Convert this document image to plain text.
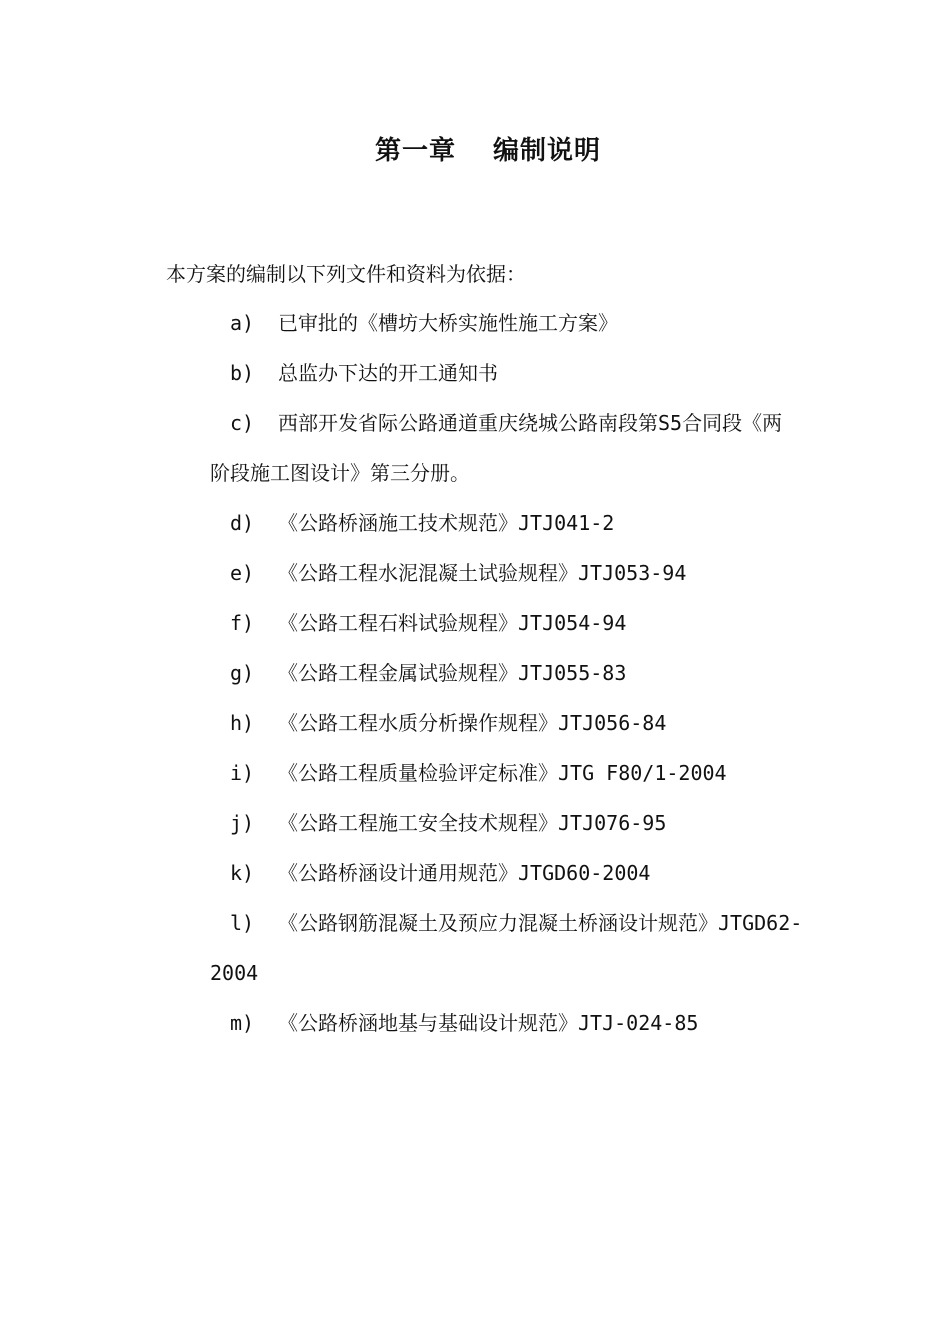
第一章　 编制说明
本方案的编制以下列文件和资料为依据：
a) 已审批的《槽坊大桥实施性施工方案》
b) 总监办下达的开工通知书
c) 西部开发省际公路通道重庆绕城公路南段第S5合同段《两
阶段施工图设计》第三分册。
d) 《公路桥涵施工技术规范》JTJ041-2
e) 《公路工程水泥混凝土试验规程》JTJ053-94
f) 《公路工程石料试验规程》JTJ054-94
g) 《公路工程金属试验规程》JTJ055-83
h) 《公路工程水质分析操作规程》JTJ056-84
i) 《公路工程质量检验评定标准》JTG F80/1-2004
j) 《公路工程施工安全技术规程》JTJ076-95
k) 《公路桥涵设计通用规范》JTGD60-2004
l) 《公路钢筋混凝土及预应力混凝土桥涵设计规范》JTGD62-
2004
m) 《公路桥涵地基与基础设计规范》JTJ-024-85
